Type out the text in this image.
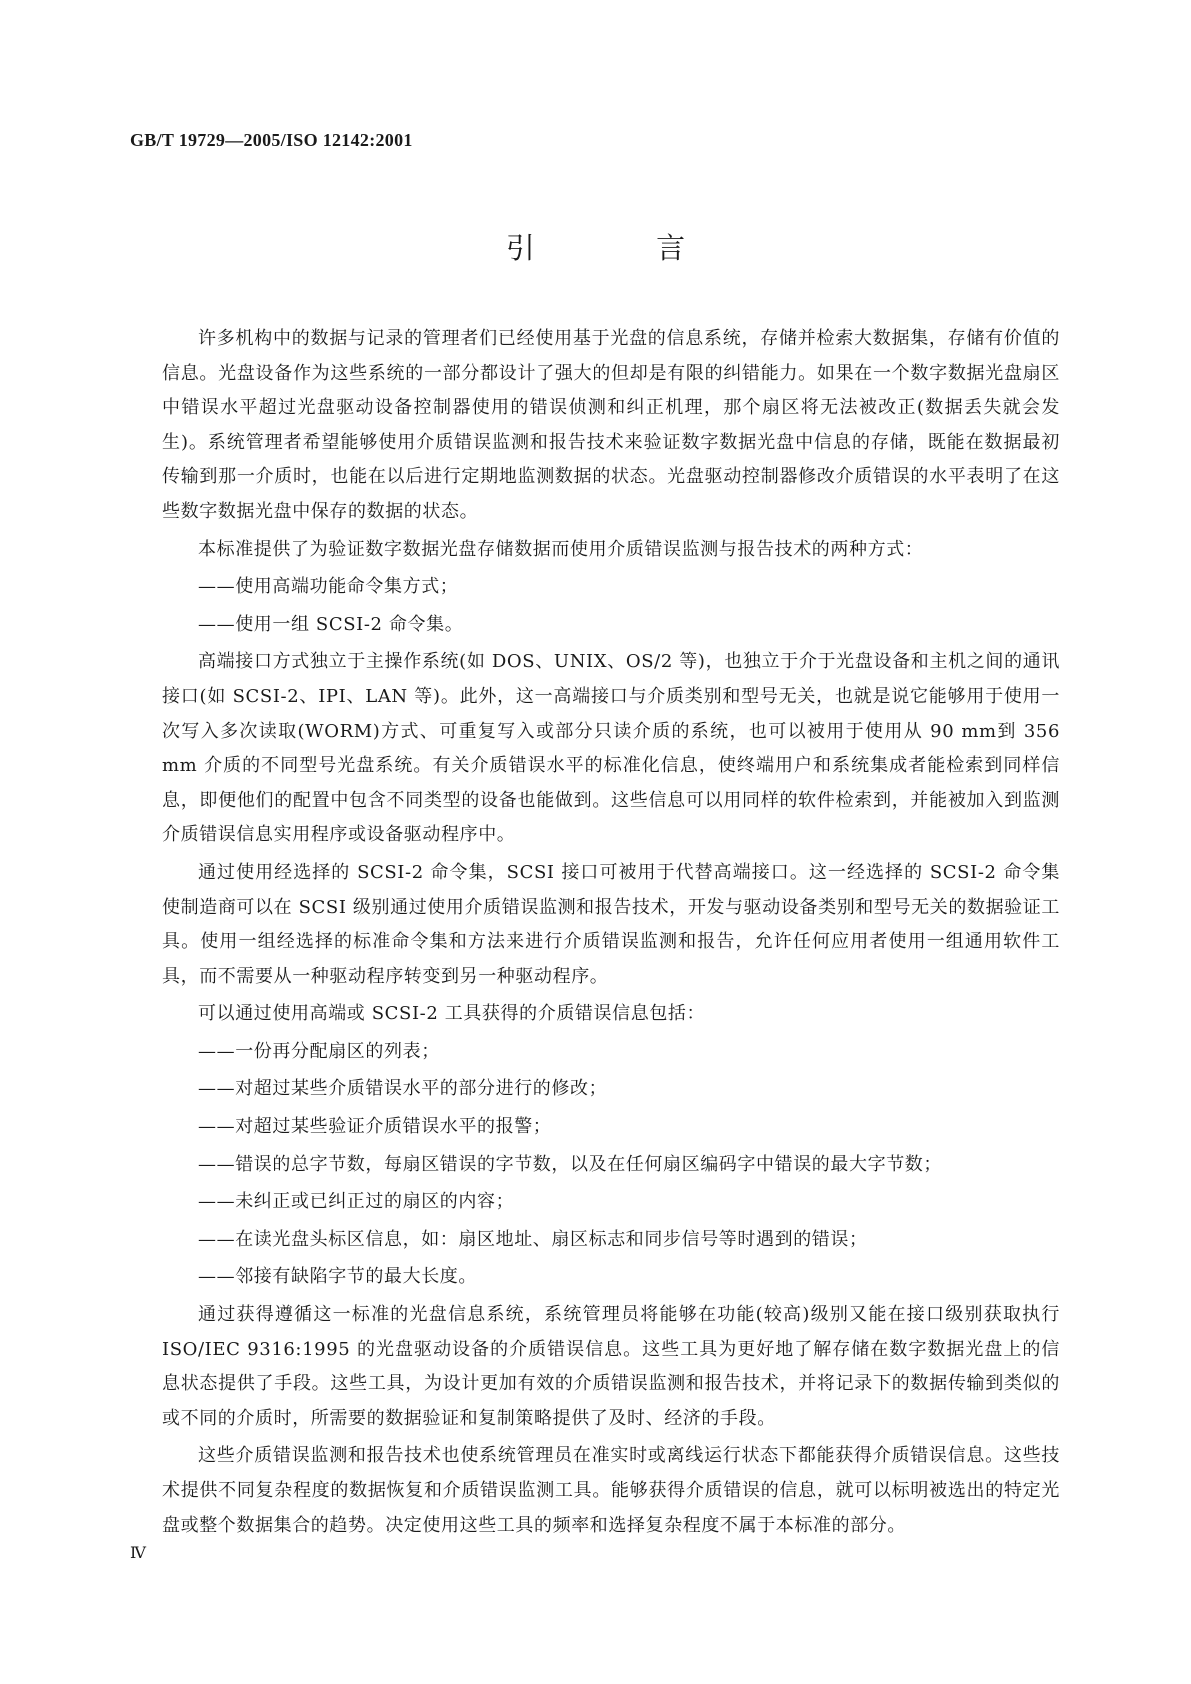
GB/T 19729—2005/ISO 12142:2001
引 言

许多机构中的数据与记录的管理者们已经使用基于光盘的信息系统，存储并检索大数据集，存储有价值的信息。光盘设备作为这些系统的一部分都设计了强大的但却是有限的纠错能力。如果在一个数字数据光盘扇区中错误水平超过光盘驱动设备控制器使用的错误侦测和纠正机理，那个扇区将无法被改正(数据丢失就会发生)。系统管理者希望能够使用介质错误监测和报告技术来验证数字数据光盘中信息的存储，既能在数据最初传输到那一介质时，也能在以后进行定期地监测数据的状态。光盘驱动控制器修改介质错误的水平表明了在这些数字数据光盘中保存的数据的状态。

本标准提供了为验证数字数据光盘存储数据而使用介质错误监测与报告技术的两种方式：

——使用高端功能命令集方式；

——使用一组 SCSI-2 命令集。

高端接口方式独立于主操作系统(如 DOS、UNIX、OS/2 等)，也独立于介于光盘设备和主机之间的通讯接口(如 SCSI-2、IPI、LAN 等)。此外，这一高端接口与介质类别和型号无关，也就是说它能够用于使用一次写入多次读取(WORM)方式、可重复写入或部分只读介质的系统，也可以被用于使用从 90 mm到 356 mm 介质的不同型号光盘系统。有关介质错误水平的标准化信息，使终端用户和系统集成者能检索到同样信息，即便他们的配置中包含不同类型的设备也能做到。这些信息可以用同样的软件检索到，并能被加入到监测介质错误信息实用程序或设备驱动程序中。

通过使用经选择的 SCSI-2 命令集，SCSI 接口可被用于代替高端接口。这一经选择的 SCSI-2 命令集使制造商可以在 SCSI 级别通过使用介质错误监测和报告技术，开发与驱动设备类别和型号无关的数据验证工具。使用一组经选择的标准命令集和方法来进行介质错误监测和报告，允许任何应用者使用一组通用软件工具，而不需要从一种驱动程序转变到另一种驱动程序。

可以通过使用高端或 SCSI-2 工具获得的介质错误信息包括：

——一份再分配扇区的列表；

——对超过某些介质错误水平的部分进行的修改；

——对超过某些验证介质错误水平的报警；

——错误的总字节数，每扇区错误的字节数，以及在任何扇区编码字中错误的最大字节数；

——未纠正或已纠正过的扇区的内容；

——在读光盘头标区信息，如：扇区地址、扇区标志和同步信号等时遇到的错误；

——邻接有缺陷字节的最大长度。

通过获得遵循这一标准的光盘信息系统，系统管理员将能够在功能(较高)级别又能在接口级别获取执行 ISO/IEC 9316:1995 的光盘驱动设备的介质错误信息。这些工具为更好地了解存储在数字数据光盘上的信息状态提供了手段。这些工具，为设计更加有效的介质错误监测和报告技术，并将记录下的数据传输到类似的或不同的介质时，所需要的数据验证和复制策略提供了及时、经济的手段。

这些介质错误监测和报告技术也使系统管理员在准实时或离线运行状态下都能获得介质错误信息。这些技术提供不同复杂程度的数据恢复和介质错误监测工具。能够获得介质错误的信息，就可以标明被选出的特定光盘或整个数据集合的趋势。决定使用这些工具的频率和选择复杂程度不属于本标准的部分。

Ⅳ
